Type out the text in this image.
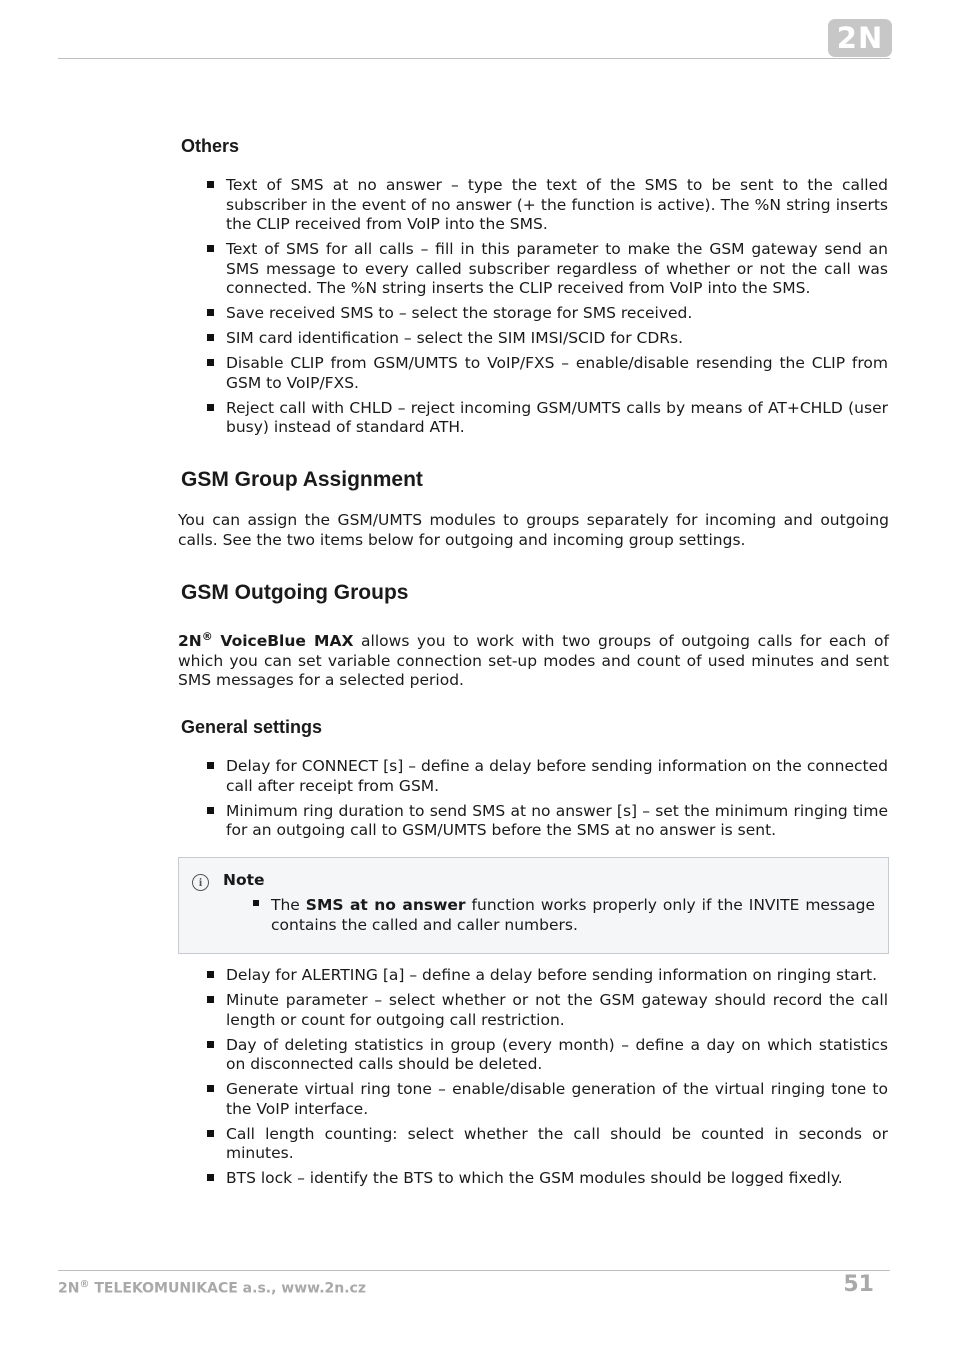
2N
Others
Text of SMS at no answer – type the text of the SMS to be sent to the called subscriber in the event of no answer (+ the function is active). The %N string inserts the CLIP received from VoIP into the SMS.
Text of SMS for all calls – fill in this parameter to make the GSM gateway send an SMS message to every called subscriber regardless of whether or not the call was connected. The %N string inserts the CLIP received from VoIP into the SMS.
Save received SMS to – select the storage for SMS received.
SIM card identification – select the SIM IMSI/SCID for CDRs.
Disable CLIP from GSM/UMTS to VoIP/FXS – enable/disable resending the CLIP from GSM to VoIP/FXS.
Reject call with CHLD – reject incoming GSM/UMTS calls by means of AT+CHLD (user busy) instead of standard ATH.
GSM Group Assignment

You can assign the GSM/UMTS modules to groups separately for incoming and outgoing calls. See the two items below for outgoing and incoming group settings.

GSM Outgoing Groups

2N® VoiceBlue MAX allows you to work with two groups of outgoing calls for each of which you can set variable connection set-up modes and count of used minutes and sent SMS messages for a selected period.

General settings
Delay for CONNECT [s] – define a delay before sending information on the connected call after receipt from GSM.
Minimum ring duration to send SMS at no answer [s] – set the minimum ringing time for an outgoing call to GSM/UMTS before the SMS at no answer is sent.
i	Note
The SMS at no answer function works properly only if the INVITE message contains the called and caller numbers.
Delay for ALERTING [a] – define a delay before sending information on ringing start.
Minute parameter – select whether or not the GSM gateway should record the call length or count for outgoing call restriction.
Day of deleting statistics in group (every month) – define a day on which statistics on disconnected calls should be deleted.
Generate virtual ring tone – enable/disable generation of the virtual ringing tone to the VoIP interface.
Call length counting: select whether the call should be counted in seconds or minutes.
BTS lock – identify the BTS to which the GSM modules should be logged fixedly.
2N® TELEKOMUNIKACE a.s., www.2n.cz	51
